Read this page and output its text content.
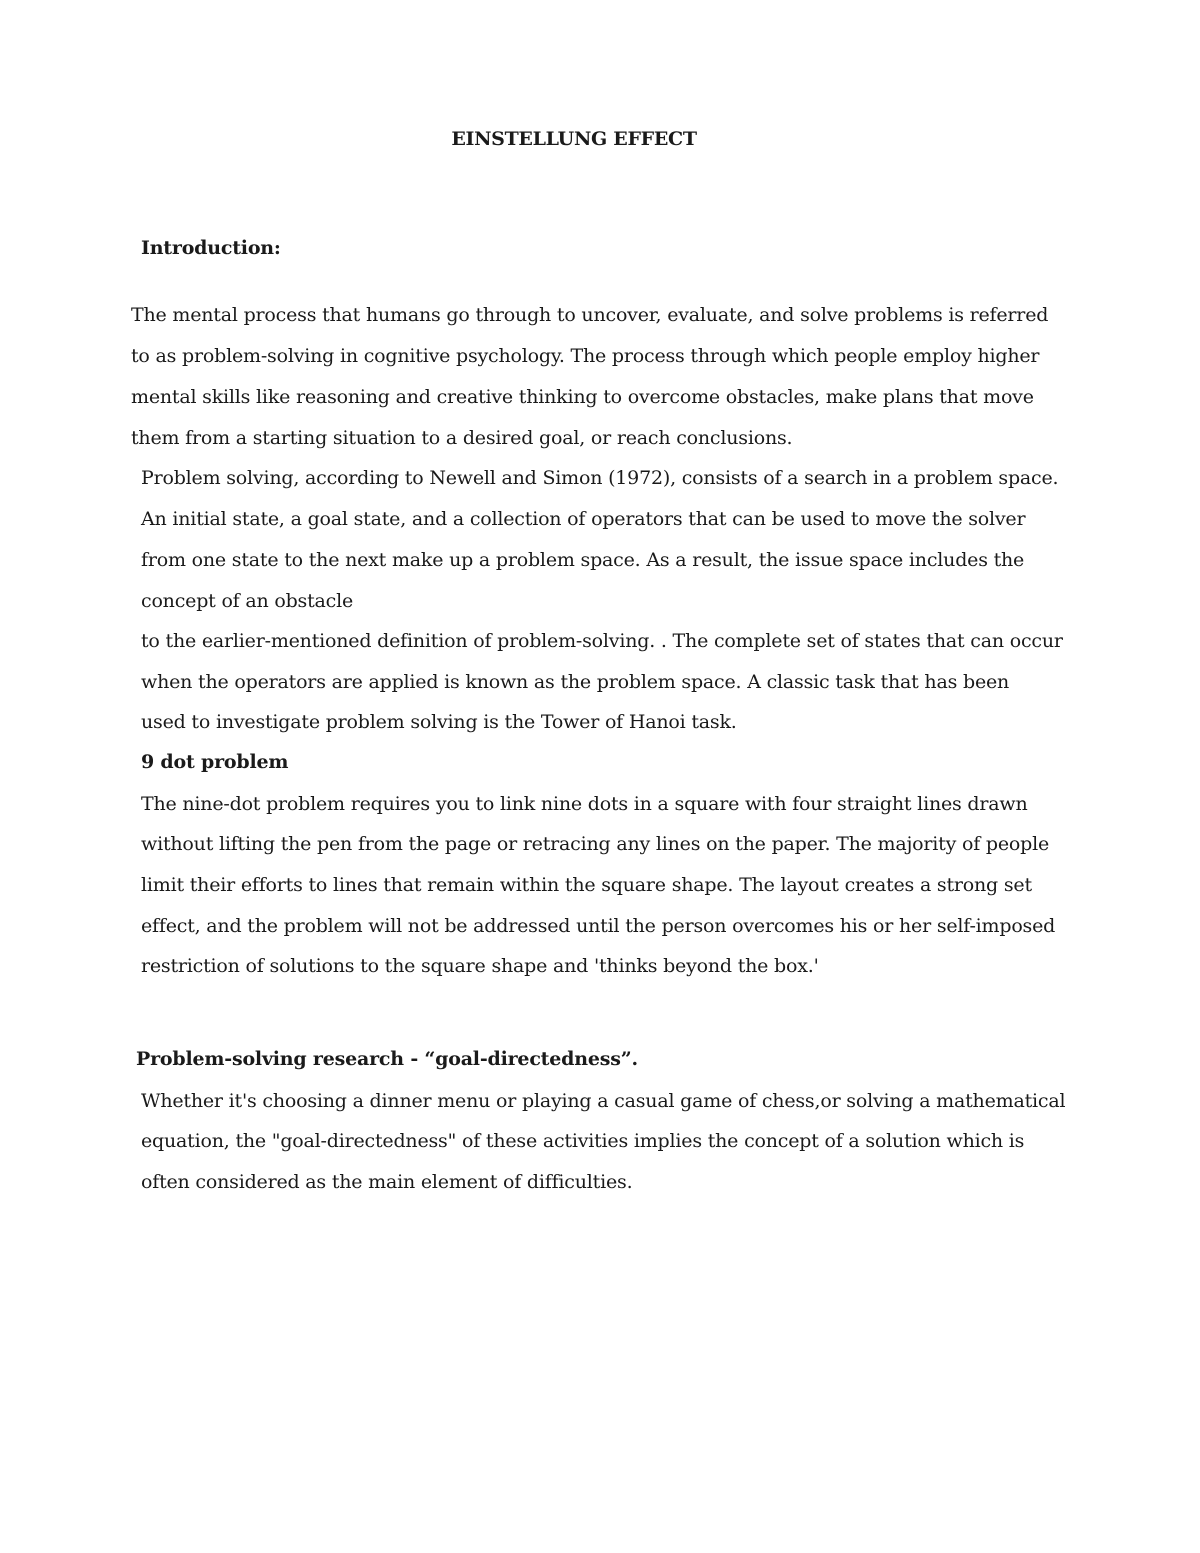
EINSTELLUNG EFFECT
Introduction:
The mental process that humans go through to uncover, evaluate, and solve problems is referred
to as problem-solving in cognitive psychology. The process through which people employ higher
mental skills like reasoning and creative thinking to overcome obstacles, make plans that move
them from a starting situation to a desired goal, or reach conclusions.
Problem solving, according to Newell and Simon (1972), consists of a search in a problem space.
An initial state, a goal state, and a collection of operators that can be used to move the solver
from one state to the next make up a problem space. As a result, the issue space includes the
concept of an obstacle
to the earlier-mentioned definition of problem-solving. . The complete set of states that can occur
when the operators are applied is known as the problem space. A classic task that has been
used to investigate problem solving is the Tower of Hanoi task.
9 dot problem
The nine-dot problem requires you to link nine dots in a square with four straight lines drawn
without lifting the pen from the page or retracing any lines on the paper. The majority of people
limit their efforts to lines that remain within the square shape. The layout creates a strong set
effect, and the problem will not be addressed until the person overcomes his or her self-imposed
restriction of solutions to the square shape and 'thinks beyond the box.'
Problem-solving research - “goal-directedness”.
Whether it's choosing a dinner menu or playing a casual game of chess,or solving a mathematical
equation, the "goal-directedness" of these activities implies the concept of a solution which is
often considered as the main element of difficulties.
